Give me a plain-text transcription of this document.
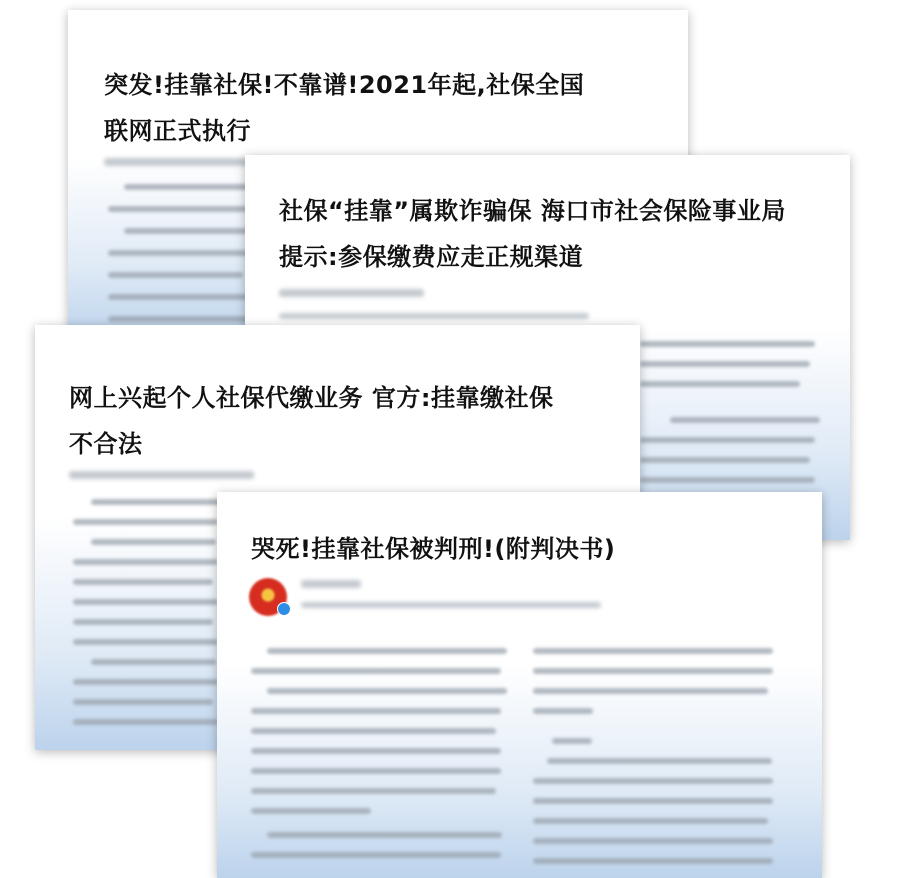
突发!挂靠社保!不靠谱!2021年起,社保全国
联网正式执行
社保“挂靠”属欺诈骗保 海口市社会保险事业局
提示:参保缴费应走正规渠道
网上兴起个人社保代缴业务 官方:挂靠缴社保
不合法
哭死!挂靠社保被判刑!(附判决书)
